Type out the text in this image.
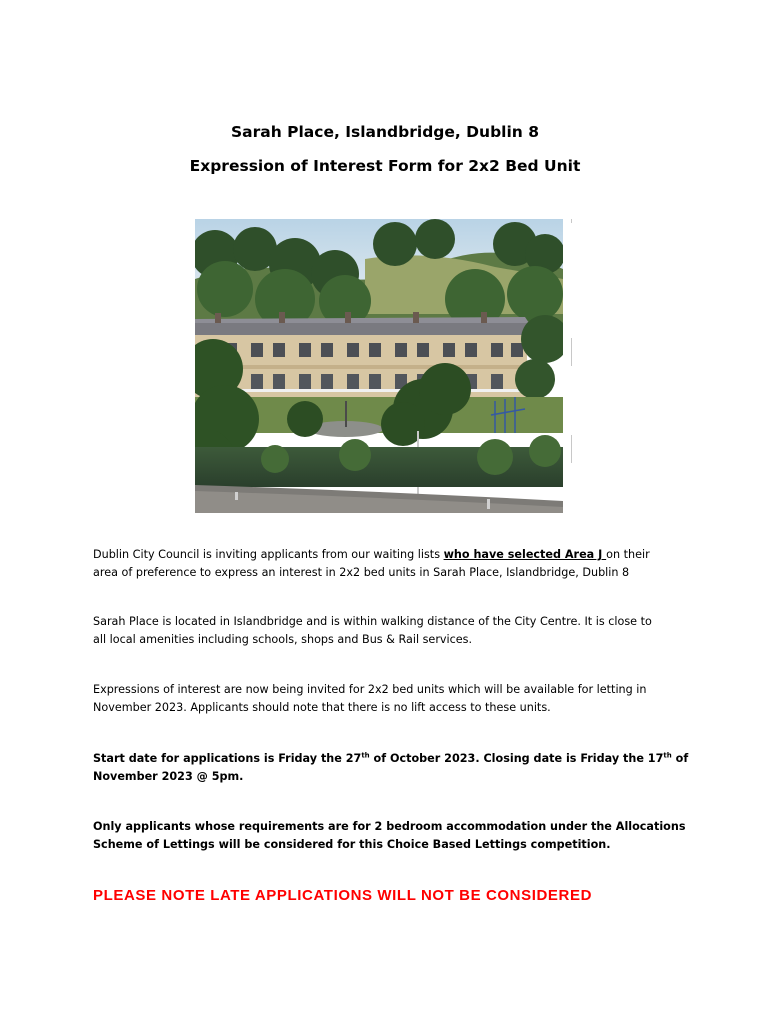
Sarah Place, Islandbridge, Dublin 8
Expression of Interest Form for 2x2 Bed Unit

Dublin City Council is inviting applicants from our waiting lists who have selected Area J on their
area of preference to express an interest in 2x2 bed units in Sarah Place, Islandbridge, Dublin 8

Sarah Place is located in Islandbridge and is within walking distance of the City Centre. It is close to
all local amenities including schools, shops and Bus & Rail services.

Expressions of interest are now being invited for 2x2 bed units which will be available for letting in
November 2023. Applicants should note that there is no lift access to these units.

Start date for applications is Friday the 27th of October 2023. Closing date is Friday the 17th of
November 2023 @ 5pm.

Only applicants whose requirements are for 2 bedroom accommodation under the Allocations
Scheme of Lettings will be considered for this Choice Based Lettings competition.

PLEASE NOTE LATE APPLICATIONS WILL NOT BE CONSIDERED
